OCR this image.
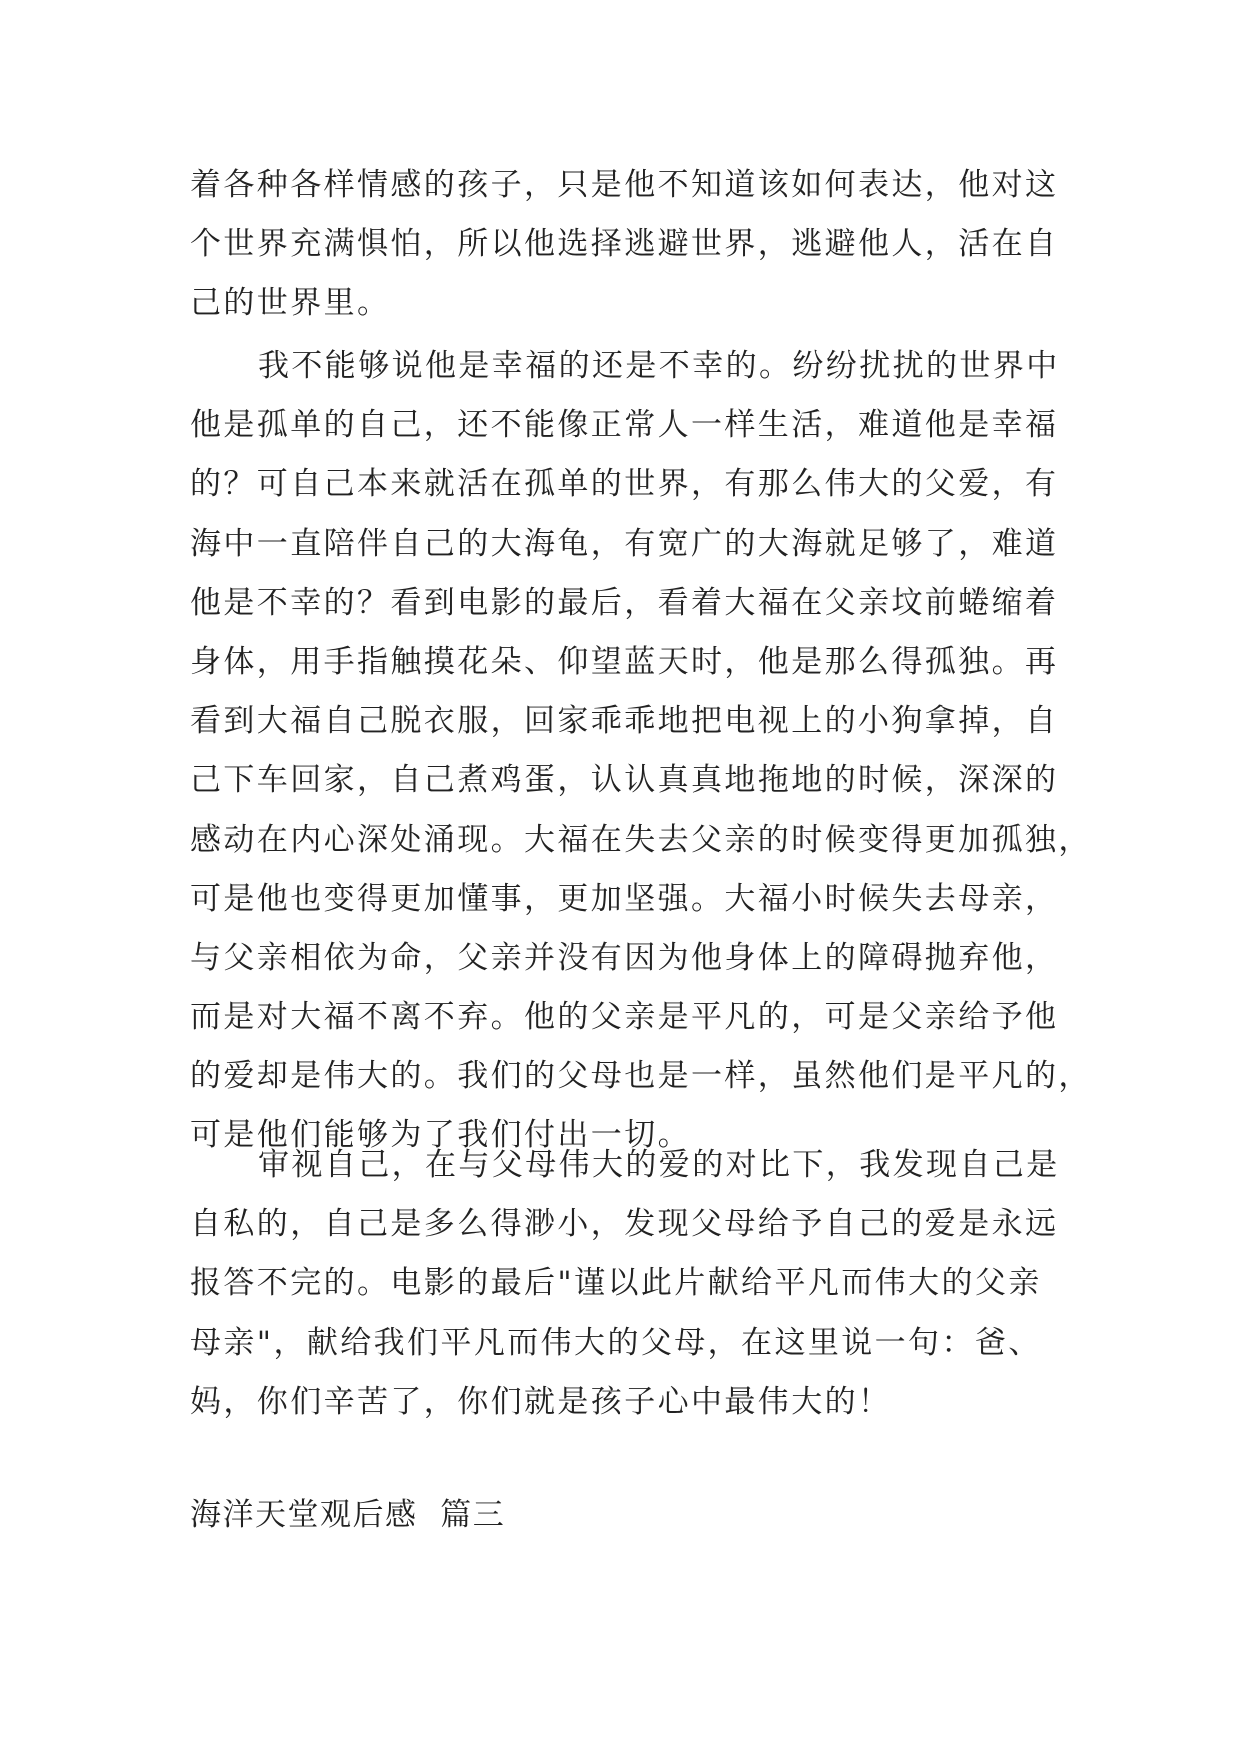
着各种各样情感的孩子，只是他不知道该如何表达，他对这
个世界充满惧怕，所以他选择逃避世界，逃避他人，活在自
己的世界里。
我不能够说他是幸福的还是不幸的。纷纷扰扰的世界中
他是孤单的自己，还不能像正常人一样生活，难道他是幸福
的？可自己本来就活在孤单的世界，有那么伟大的父爱，有
海中一直陪伴自己的大海龟，有宽广的大海就足够了，难道
他是不幸的？看到电影的最后，看着大福在父亲坟前蜷缩着
身体，用手指触摸花朵、仰望蓝天时，他是那么得孤独。再
看到大福自己脱衣服，回家乖乖地把电视上的小狗拿掉，自
己下车回家，自己煮鸡蛋，认认真真地拖地的时候，深深的
感动在内心深处涌现。大福在失去父亲的时候变得更加孤独，
可是他也变得更加懂事，更加坚强。大福小时候失去母亲，
与父亲相依为命，父亲并没有因为他身体上的障碍抛弃他，
而是对大福不离不弃。他的父亲是平凡的，可是父亲给予他
的爱却是伟大的。我们的父母也是一样，虽然他们是平凡的，
可是他们能够为了我们付出一切。
审视自己，在与父母伟大的爱的对比下，我发现自己是
自私的，自己是多么得渺小，发现父母给予自己的爱是永远
报答不完的。电影的最后"谨以此片献给平凡而伟大的父亲
母亲"，献给我们平凡而伟大的父母，在这里说一句：爸、
妈，你们辛苦了，你们就是孩子心中最伟大的！
海洋天堂观后感  篇三
